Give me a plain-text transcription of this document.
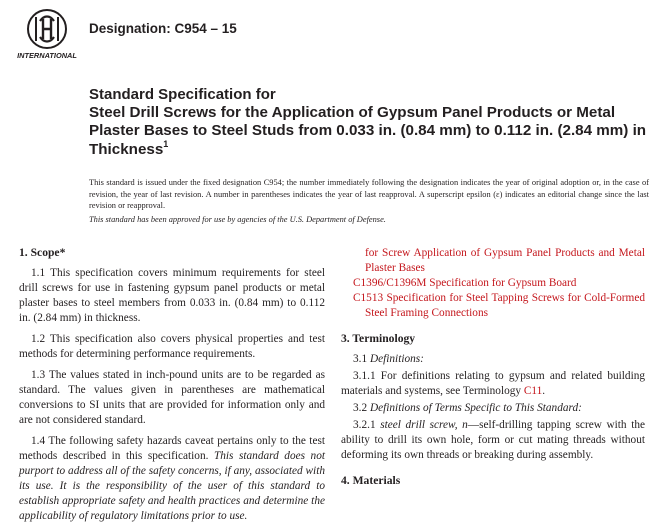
INTERNATIONAL
Designation: C954 – 15
Standard Specification for
Steel Drill Screws for the Application of Gypsum Panel Products or Metal Plaster Bases to Steel Studs from 0.033 in. (0.84 mm) to 0.112 in. (2.84 mm) in Thickness$^1$
This standard is issued under the fixed designation C954; the number immediately following the designation indicates the year of original adoption or, in the case of revision, the year of last revision. A number in parentheses indicates the year of last reapproval. A superscript epsilon (ε) indicates an editorial change since the last revision or reapproval.
This standard has been approved for use by agencies of the U.S. Department of Defense.
1. Scope*
1.1 This specification covers minimum requirements for steel drill screws for use in fastening gypsum panel products or metal plaster bases to steel members from 0.033 in. (0.84 mm) to 0.112 in. (2.84 mm) in thickness.
1.2 This specification also covers physical properties and test methods for determining performance requirements.
1.3 The values stated in inch-pound units are to be regarded as standard. The values given in parentheses are mathematical conversions to SI units that are provided for information only and are not considered standard.
1.4 The following safety hazards caveat pertains only to the test methods described in this specification. This standard does not purport to address all of the safety concerns, if any, associated with its use. It is the responsibility of the user of this standard to establish appropriate safety and health practices and determine the applicability of regulatory limitations prior to use.
for Screw Application of Gypsum Panel Products and Metal Plaster Bases
C1396/C1396M Specification for Gypsum Board
C1513 Specification for Steel Tapping Screws for Cold-Formed Steel Framing Connections
3. Terminology
3.1 Definitions:
3.1.1 For definitions relating to gypsum and related building materials and systems, see Terminology C11.
3.2 Definitions of Terms Specific to This Standard:
3.2.1 steel drill screw, n—self-drilling tapping screw with the ability to drill its own hole, form or cut mating threads without deforming its own threads or breaking during assembly.
4. Materials
